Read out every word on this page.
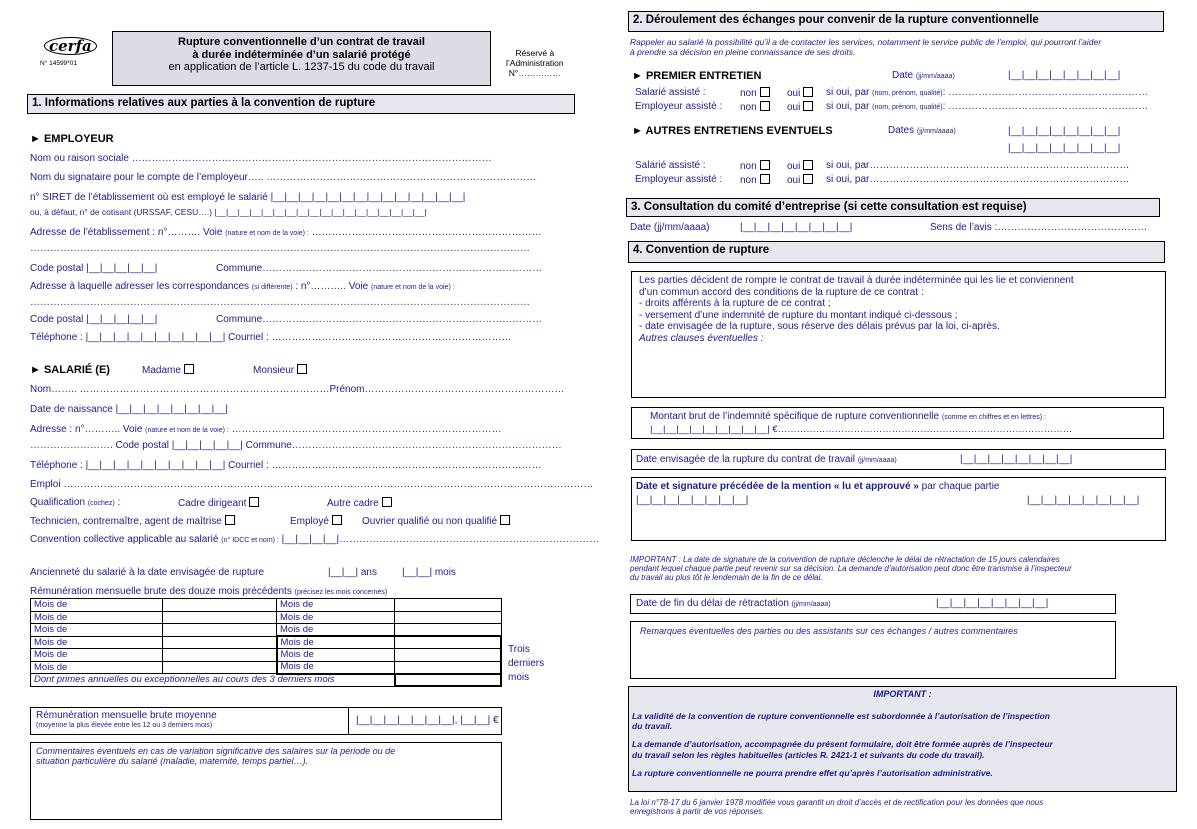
cerfa
N° 14599*01
Rupture conventionnelle d’un contrat de travail
à durée indéterminée d’un salarié protégé
en application de l’article L. 1237-15 du code du travail
Réservé à
l’Administration
N°……………
1. Informations relatives aux parties à la convention de rupture
► EMPLOYEUR
Nom ou raison sociale ………………………………………………………………………………………………
Nom du signataire pour le compte de l’employeur….. ………………………………………………………………………
n° SIRET de l’établissement où est employé le salarié |__|__|__|__|__|__|__|__|__|__|__|__|__|__|
ou, à défaut, n° de cotisant (URSSAF, CESU….) |__|__|__|__|__|__|__|__|__|__|__|__|__|__|__|__|__|__|
Adresse de l’établissement : n°………. Voie (nature et nom de la voie) : ……………………………………………………………
……………………………………………………………………………………………………………………………………
Code postal |__|__|__|__|__|	Commune…………………………………………………………………………
Adresse à laquelle adresser les correspondances (si différente) : n°……….. Voie (nature et nom de la voie) :
……………………………………………………………………………………………………………………………………
Code postal |__|__|__|__|__|	Commune…………………………………………………………………………
Téléphone : |__|__|__|__|__|__|__|__|__|__| Courriel : ………………………………………………………………
► SALARIÉ (E)	Madame	Monsieur
Nom…….. …………………………………………………………………Prénom……………………………………………………
Date de naissance |__|__|__|__|__|__|__|__|
Adresse : n°……….. Voie (nature et nom de la voie) : ………………………………………………………………………
……………………. Code postal |__|__|__|__|__| Commune………………………………………………………………………
Téléphone : |__|__|__|__|__|__|__|__|__|__| Courriel : ………………………………………………………………………
Emploi ……………………………………………………………………………………………………………………………………………
Qualification (cochez) :	Cadre dirigeant	Autre cadre
Technicien, contremaître, agent de maîtrise	Employé	Ouvrier qualifié ou non qualifié
Convention collective applicable au salarié (n° IDCC et nom) : |__|__|__|__|……………………………………………………………………
Ancienneté du salarié à la date envisagée de rupture	|__|__| ans	|__|__| mois
Rémunération mensuelle brute des douze mois précédents (précisez les mois concernés)
Mois de		Mois de	
Mois de		Mois de	
Mois de		Mois de	
Mois de		Mois de	
Mois de		Mois de	
Mois de		Mois de	
Dont primes annuelles ou exceptionnelles au cours des 3 derniers mois			
Trois
derniers
mois
Rémunération mensuelle brute moyenne
(moyenne la plus élevée entre les 12 ou 3 derniers mois)	|__|__|__|__|__|__|__|, |__|__| €
Commentaires éventuels en cas de variation significative des salaires sur la période ou de
situation particulière du salarié (maladie, maternité, temps partiel…).
2. Déroulement des échanges pour convenir de la rupture conventionnelle
Rappeler au salarié la possibilité qu’il a de contacter les services, notamment le service public de l’emploi, qui pourront l’aider
à prendre sa décision en pleine connaissance de ses droits.
► PREMIER ENTRETIEN	Date (jj/mm/aaaa)	|__|__|__|__|__|__|__|__|
Salarié assisté :	non	oui	si oui, par (nom, prénom, qualité): ……………………………………………………
Employeur assisté : non	oui	si oui, par (nom, prénom, qualité): ……………………………………………………
► AUTRES ENTRETIENS EVENTUELS	Dates (jj/mm/aaaa)	|__|__|__|__|__|__|__|__|
|__|__|__|__|__|__|__|__|
Salarié assisté :	non	oui	si oui, par……………………………………………………………………
Employeur assisté : non	oui	si oui, par……………………………………………………………………
3. Consultation du comité d’entreprise (si cette consultation est requise)
Date (jj/mm/aaaa)	|__|__|__|__|__|__|__|__|	Sens de l’avis :………………………………………
4. Convention de rupture
Les parties décident de rompre le contrat de travail à durée indéterminée qui les lie et conviennent
d’un commun accord des conditions de la rupture de ce contrat :
- droits afférents à la rupture de ce contrat ;
- versement d’une indemnité de rupture du montant indiqué ci-dessous ;
- date envisagée de la rupture, sous réserve des délais prévus par la loi, ci-après.
Autres clauses éventuelles :
Montant brut de l’indemnité spécifique de rupture conventionnelle (somme en chiffres et en lettres) :
|__|__|__|__|__|__|__|__|__| €…………………………………………………………………………………
Date envisagée de la rupture du contrat de travail (jj/mm/aaaa)	|__|__|__|__|__|__|__|__|
Date et signature précédée de la mention « lu et approuvé » par chaque partie
|__|__|__|__|__|__|__|__|	|__|__|__|__|__|__|__|__|
IMPORTANT : La date de signature de la convention de rupture déclenche le délai de rétractation de 15 jours calendaires
pendant lequel chaque partie peut revenir sur sa décision. La demande d’autorisation peut donc être transmise à l’inspecteur
du travail au plus tôt le lendemain de la fin de ce délai.
Date de fin du délai de rétractation (jj/mm/aaaa)	|__|__|__|__|__|__|__|__|
Remarques éventuelles des parties ou des assistants sur ces échanges / autres commentaires
IMPORTANT :
La validité de la convention de rupture conventionnelle est subordonnée à l’autorisation de l’inspection
du travail.
La demande d’autorisation, accompagnée du présent formulaire, doit être formée auprès de l’inspecteur
du travail selon les règles habituelles (articles R. 2421-1 et suivants du code du travail).
La rupture conventionnelle ne pourra prendre effet qu’après l’autorisation administrative.
La loi n°78-17 du 6 janvier 1978 modifiée vous garantit un droit d’accès et de rectification pour les données que nous
enregistrons à partir de vos réponses.
